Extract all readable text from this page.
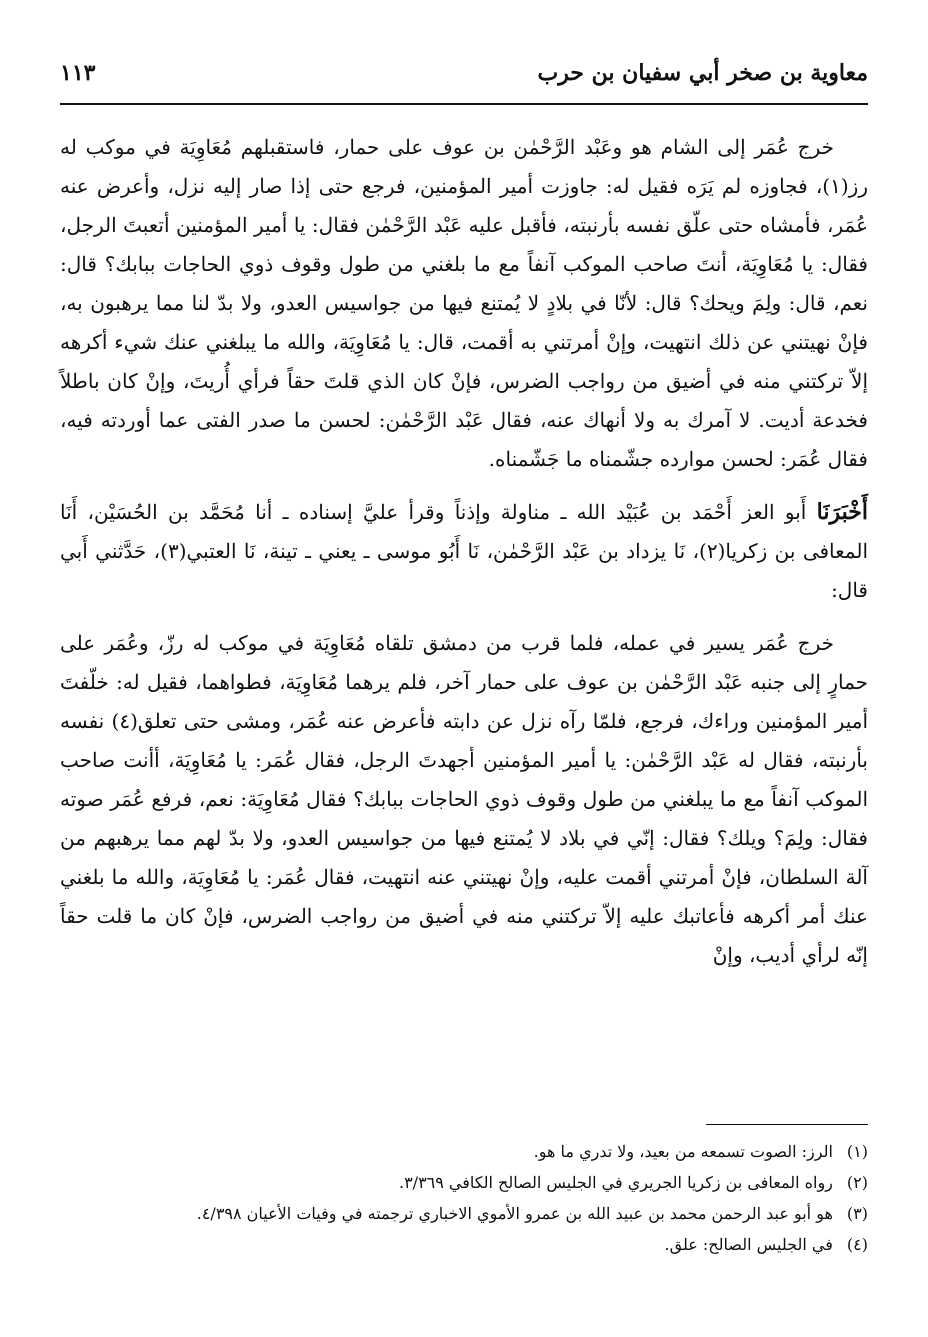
معاوية بن صخر أبي سفيان بن حرب
١١٣

خرج عُمَر إلى الشام هو وعَبْد الرَّحْمٰن بن عوف على حمار، فاستقبلهم مُعَاوِيَة في موكب له رز(١)، فجاوزه لم يَرَه فقيل له: جاوزت أمير المؤمنين، فرجع حتى إذا صار إليه نزل، وأعرض عنه عُمَر، فأمشاه حتى علّق نفسه بأرنبته، فأقبل عليه عَبْد الرَّحْمٰن فقال: يا أمير المؤمنين أتعبتَ الرجل، فقال: يا مُعَاوِيَة، أنتَ صاحب الموكب آنفاً مع ما بلغني من طول وقوف ذوي الحاجات ببابك؟ قال: نعم، قال: ولِمَ ويحك؟ قال: لأنّا في بلادٍ لا يُمتنع فيها من جواسيس العدو، ولا بدّ لنا مما يرهبون به، فإنْ نهيتني عن ذلك انتهيت، وإنْ أمرتني به أقمت، قال: يا مُعَاوِيَة، والله ما يبلغني عنك شيء أكرهه إلاّ تركتني منه في أضيق من رواجب الضرس، فإنْ كان الذي قلتَ حقاً فرأي أُريتَ، وإنْ كان باطلاً فخدعة أديت. لا آمرك به ولا أنهاك عنه، فقال عَبْد الرَّحْمٰن: لحسن ما صدر الفتى عما أوردته فيه، فقال عُمَر: لحسن موارده جشّمناه ما جَشّمناه.

أَخْبَرَنَا أَبو العز أَحْمَد بن عُبَيْد الله ـ مناولة وإذناً وقرأ عليَّ إسناده ـ أنا مُحَمَّد بن الحُسَيْن، أَنَا المعافى بن زكريا(٢)، نَا يزداد بن عَبْد الرَّحْمٰن، نَا أَبُو موسى ـ يعني ـ تينة، نَا العتبي(٣)، حَدَّثني أَبي قال:

خرج عُمَر يسير في عمله، فلما قرب من دمشق تلقاه مُعَاوِيَة في موكب له رزّ، وعُمَر على حمارٍ إلى جنبه عَبْد الرَّحْمٰن بن عوف على حمار آخر، فلم يرهما مُعَاوِيَة، فطواهما، فقيل له: خلّفتَ أمير المؤمنين وراءك، فرجع، فلمّا رآه نزل عن دابته فأعرض عنه عُمَر، ومشى حتى تعلق(٤) نفسه بأرنبته، فقال له عَبْد الرَّحْمٰن: يا أمير المؤمنين أجهدتَ الرجل، فقال عُمَر: يا مُعَاوِيَة، أأنت صاحب الموكب آنفاً مع ما يبلغني من طول وقوف ذوي الحاجات ببابك؟ فقال مُعَاوِيَة: نعم، فرفع عُمَر صوته فقال: ولِمَ؟ ويلك؟ فقال: إنّي في بلاد لا يُمتنع فيها من جواسيس العدو، ولا بدّ لهم مما يرهبهم من آلة السلطان، فإنْ أمرتني أقمت عليه، وإنْ نهيتني عنه انتهيت، فقال عُمَر: يا مُعَاوِيَة، والله ما بلغني عنك أمر أكرهه فأعاتبك عليه إلاّ تركتني منه في أضيق من رواجب الضرس، فإنْ كان ما قلت حقاً إنّه لرأي أديب، وإنْ

(١) الرز: الصوت تسمعه من بعيد، ولا تدري ما هو.
(٢) رواه المعافى بن زكريا الجريري في الجليس الصالح الكافي ٣/٣٦٩.
(٣) هو أبو عبد الرحمن محمد بن عبيد الله بن عمرو الأموي الاخباري ترجمته في وفيات الأعيان ٤/٣٩٨.
(٤) في الجليس الصالح: علق.
